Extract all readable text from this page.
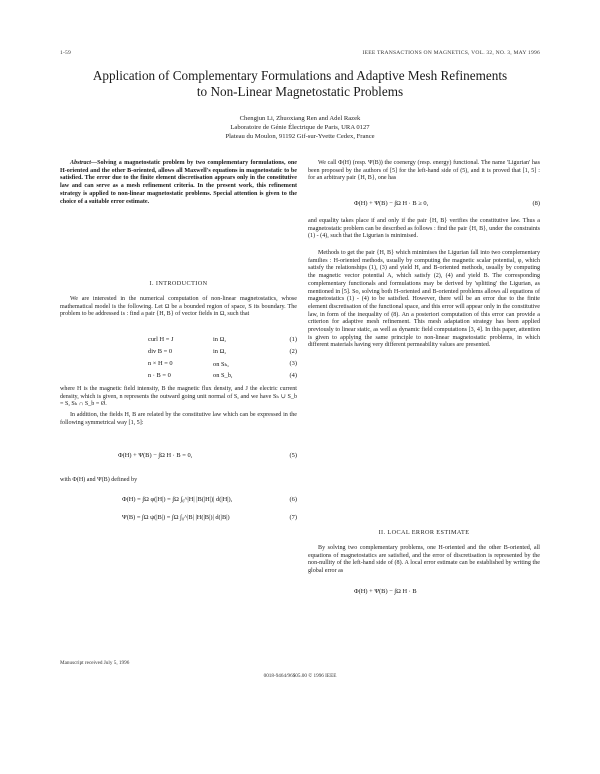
1-59	IEEE TRANSACTIONS ON MAGNETICS, VOL. 32, NO. 3, MAY 1996
Application of Complementary Formulations and Adaptive Mesh Refinements
to Non-Linear Magnetostatic Problems
Chengjun Li, Zhuoxiang Ren and Adel Razek
Laboratoire de Génie Électrique de Paris, URA 0127
Plateau du Moulon, 91192 Gif-sur-Yvette Cedex, France

Abstract—Solving a magnetostatic problem by two complementary formulations, one H-oriented and the other B-oriented, allows all Maxwell's equations in magnetostatic to be satisfied. The error due to the finite element discretisation appears only in the constitutive law and can serve as a mesh refinement criteria. In the present work, this refinement strategy is applied to non-linear magnetostatic problems. Special attention is given to the choice of a suitable error estimate.

I. INTRODUCTION

We are interested in the numerical computation of non-linear magnetostatics, whose mathematical model is the following. Let Ω be a bounded region of space, S its boundary. The problem to be addressed is : find a pair {H, B} of vector fields in Ω, such that

curl H = J	in Ω,	(1)
div B = 0	in Ω,	(2)
n × H = 0	on Sₕ,	(3)
n · B = 0	on S_b,	(4)

where H is the magnetic field intensity, B the magnetic flux density, and J the electric current density, which is given, n represents the outward going unit normal of S, and we have Sₕ ∪ S_b = S, Sₕ ∩ S_b = Ø.

In addition, the fields H, B are related by the constitutive law which can be expressed in the following symmetrical way [1, 5]:

Φ(H) + Ψ(B) − ∫Ω H · B = 0,	(5)

with Φ(H) and Ψ(B) defined by

Φ(H) = ∫Ω φ(|H|) = ∫Ω ∫₀^|H| |B(|H|)| d(|H|),	(6)
Ψ(B) = ∫Ω ψ(|B|) = ∫Ω ∫₀^|B| |H(|B|)| d(|B|)	(7)
Manuscript received July 5, 1996
0018-9464/96$05.00 © 1996 IEEE

We call Φ(H) (resp. Ψ(B)) the coenergy (resp. energy) functional. The name 'Ligurian' has been proposed by the authors of [5] for the left-hand side of (5), and it is proved that [1, 5] : for an arbitrary pair {H, B}, one has

Φ(H) + Ψ(B) − ∫Ω H · B ≥ 0,	(8)

and equality takes place if and only if the pair {H, B} verifies the constitutive law. Thus a magnetostatic problem can be described as follows : find the pair {H, B}, under the constraints (1) - (4), such that the Ligurian is minimised.

Methods to get the pair {H, B} which minimises the Ligurian fall into two complementary families : H-oriented methods, usually by computing the magnetic scalar potential, φ, which satisfy the relationships (1), (3) and yield H, and B-oriented methods, usually by computing the magnetic vector potential A, which satisfy (2), (4) and yield B. The corresponding complementary functionals and formulations may be derived by 'splitting' the Ligurian, as mentioned in [5]. So, solving both H-oriented and B-oriented problems allows all equations of magnetostatics (1) - (4) to be satisfied. However, there will be an error due to the finite element discretisation of the functional space, and this error will appear only in the constitutive law, in form of the inequality of (8). An a posteriori computation of this error can provide a criterion for adaptive mesh refinement. This mesh adaptation strategy has been applied previously to linear static, as well as dynamic field computations [3, 4]. In this paper, attention is given to applying the same principle to non-linear magnetostatic problems, in which different materials having very different permeability values are presented.

II. LOCAL ERROR ESTIMATE

By solving two complementary problems, one H-oriented and the other B-oriented, all equations of magnetostatics are satisfied, and the error of discretisation is represented by the non-nullity of the left-hand side of (8). A local error estimate can be established by writing the global error as

Φ(H) + Ψ(B) − ∫Ω H · B
